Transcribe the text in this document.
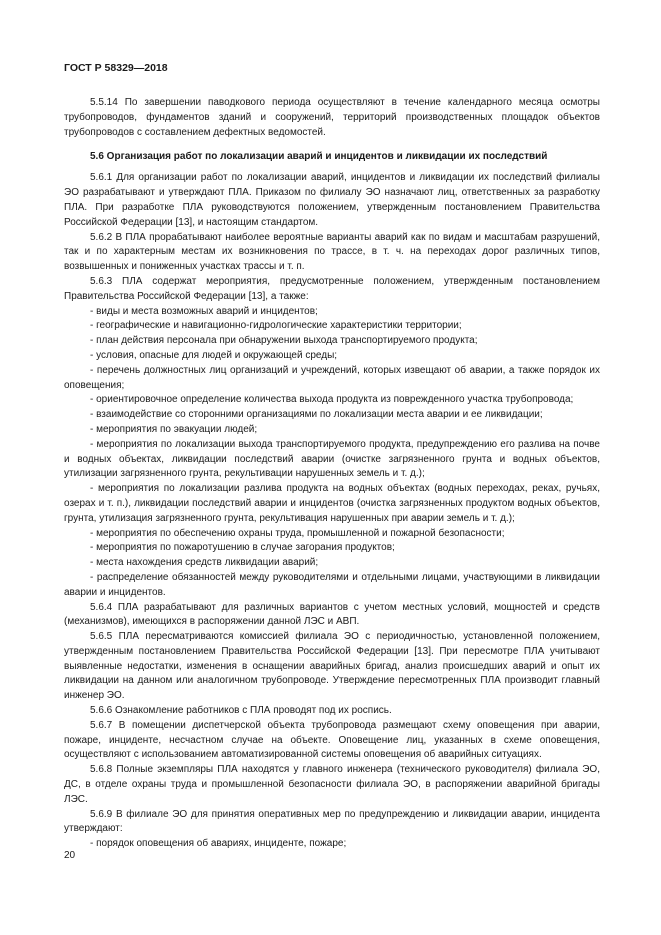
ГОСТ Р 58329—2018

5.5.14 По завершении паводкового периода осуществляют в течение календарного месяца осмотры трубопроводов, фундаментов зданий и сооружений, территорий производственных площадок объектов трубопроводов с составлением дефектных ведомостей.

5.6 Организация работ по локализации аварий и инцидентов и ликвидации их последствий

5.6.1 Для организации работ по локализации аварий, инцидентов и ликвидации их последствий филиалы ЭО разрабатывают и утверждают ПЛА. Приказом по филиалу ЭО назначают лиц, ответственных за разработку ПЛА. При разработке ПЛА руководствуются положением, утвержденным постановлением Правительства Российской Федерации [13], и настоящим стандартом.

5.6.2 В ПЛА прорабатывают наиболее вероятные варианты аварий как по видам и масштабам разрушений, так и по характерным местам их возникновения по трассе, в т. ч. на переходах дорог различных типов, возвышенных и пониженных участках трассы и т. п.

5.6.3 ПЛА содержат мероприятия, предусмотренные положением, утвержденным постановлением Правительства Российской Федерации [13], а также:

- виды и места возможных аварий и инцидентов;

- географические и навигационно-гидрологические характеристики территории;

- план действия персонала при обнаружении выхода транспортируемого продукта;

- условия, опасные для людей и окружающей среды;

- перечень должностных лиц организаций и учреждений, которых извещают об аварии, а также порядок их оповещения;

- ориентировочное определение количества выхода продукта из поврежденного участка трубопровода;

- взаимодействие со сторонними организациями по локализации места аварии и ее ликвидации;

- мероприятия по эвакуации людей;

- мероприятия по локализации выхода транспортируемого продукта, предупреждению его разлива на почве и водных объектах, ликвидации последствий аварии (очистке загрязненного грунта и водных объектов, утилизации загрязненного грунта, рекультивации нарушенных земель и т. д.);

- мероприятия по локализации разлива продукта на водных объектах (водных переходах, реках, ручьях, озерах и т. п.), ликвидации последствий аварии и инцидентов (очистка загрязненных продуктом водных объектов, грунта, утилизация загрязненного грунта, рекультивация нарушенных при аварии земель и т. д.);

- мероприятия по обеспечению охраны труда, промышленной и пожарной безопасности;

- мероприятия по пожаротушению в случае загорания продуктов;

- места нахождения средств ликвидации аварий;

- распределение обязанностей между руководителями и отдельными лицами, участвующими в ликвидации аварии и инцидентов.

5.6.4 ПЛА разрабатывают для различных вариантов с учетом местных условий, мощностей и средств (механизмов), имеющихся в распоряжении данной ЛЭС и АВП.

5.6.5 ПЛА пересматриваются комиссией филиала ЭО с периодичностью, установленной положением, утвержденным постановлением Правительства Российской Федерации [13]. При пересмотре ПЛА учитывают выявленные недостатки, изменения в оснащении аварийных бригад, анализ происшедших аварий и опыт их ликвидации на данном или аналогичном трубопроводе. Утверждение пересмотренных ПЛА производит главный инженер ЭО.

5.6.6 Ознакомление работников с ПЛА проводят под их роспись.

5.6.7 В помещении диспетчерской объекта трубопровода размещают схему оповещения при аварии, пожаре, инциденте, несчастном случае на объекте. Оповещение лиц, указанных в схеме оповещения, осуществляют с использованием автоматизированной системы оповещения об аварийных ситуациях.

5.6.8 Полные экземпляры ПЛА находятся у главного инженера (технического руководителя) филиала ЭО, ДС, в отделе охраны труда и промышленной безопасности филиала ЭО, в распоряжении аварийной бригады ЛЭС.

5.6.9 В филиале ЭО для принятия оперативных мер по предупреждению и ликвидации аварии, инцидента утверждают:

- порядок оповещения об авариях, инциденте, пожаре;

20
